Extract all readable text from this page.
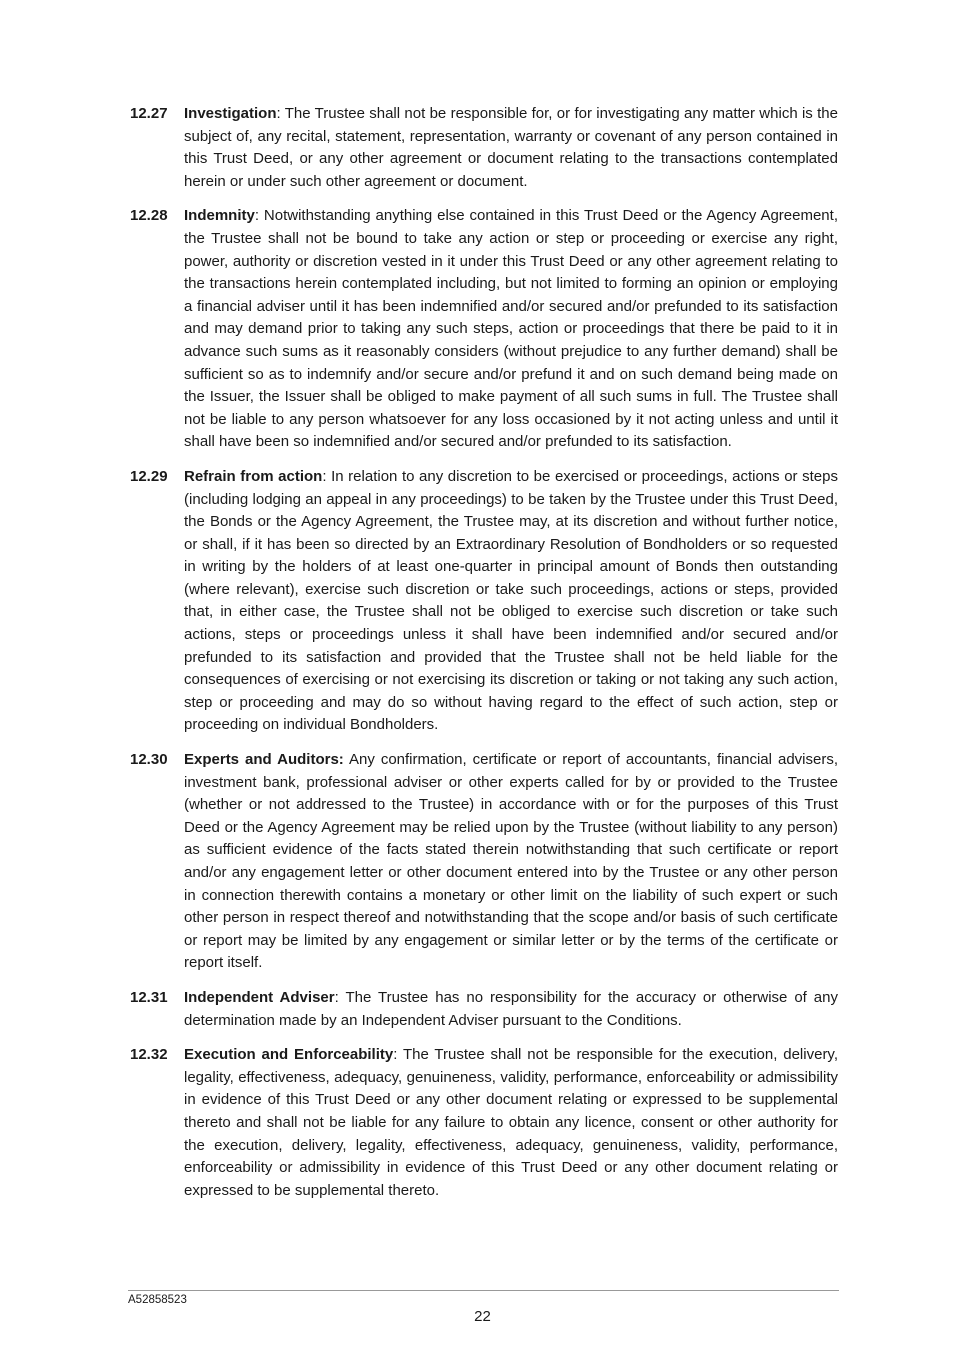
12.27	Investigation: The Trustee shall not be responsible for, or for investigating any matter which is the subject of, any recital, statement, representation, warranty or covenant of any person contained in this Trust Deed, or any other agreement or document relating to the transactions contemplated herein or under such other agreement or document.
12.28	Indemnity: Notwithstanding anything else contained in this Trust Deed or the Agency Agreement, the Trustee shall not be bound to take any action or step or proceeding or exercise any right, power, authority or discretion vested in it under this Trust Deed or any other agreement relating to the transactions herein contemplated including, but not limited to forming an opinion or employing a financial adviser until it has been indemnified and/or secured and/or prefunded to its satisfaction and may demand prior to taking any such steps, action or proceedings that there be paid to it in advance such sums as it reasonably considers (without prejudice to any further demand) shall be sufficient so as to indemnify and/or secure and/or prefund it and on such demand being made on the Issuer, the Issuer shall be obliged to make payment of all such sums in full. The Trustee shall not be liable to any person whatsoever for any loss occasioned by it not acting unless and until it shall have been so indemnified and/or secured and/or prefunded to its satisfaction.
12.29	Refrain from action: In relation to any discretion to be exercised or proceedings, actions or steps (including lodging an appeal in any proceedings) to be taken by the Trustee under this Trust Deed, the Bonds or the Agency Agreement, the Trustee may, at its discretion and without further notice, or shall, if it has been so directed by an Extraordinary Resolution of Bondholders or so requested in writing by the holders of at least one-quarter in principal amount of Bonds then outstanding (where relevant), exercise such discretion or take such proceedings, actions or steps, provided that, in either case, the Trustee shall not be obliged to exercise such discretion or take such actions, steps or proceedings unless it shall have been indemnified and/or secured and/or prefunded to its satisfaction and provided that the Trustee shall not be held liable for the consequences of exercising or not exercising its discretion or taking or not taking any such action, step or proceeding and may do so without having regard to the effect of such action, step or proceeding on individual Bondholders.
12.30	Experts and Auditors: Any confirmation, certificate or report of accountants, financial advisers, investment bank, professional adviser or other experts called for by or provided to the Trustee (whether or not addressed to the Trustee) in accordance with or for the purposes of this Trust Deed or the Agency Agreement may be relied upon by the Trustee (without liability to any person) as sufficient evidence of the facts stated therein notwithstanding that such certificate or report and/or any engagement letter or other document entered into by the Trustee or any other person in connection therewith contains a monetary or other limit on the liability of such expert or such other person in respect thereof and notwithstanding that the scope and/or basis of such certificate or report may be limited by any engagement or similar letter or by the terms of the certificate or report itself.
12.31	Independent Adviser: The Trustee has no responsibility for the accuracy or otherwise of any determination made by an Independent Adviser pursuant to the Conditions.
12.32	Execution and Enforceability: The Trustee shall not be responsible for the execution, delivery, legality, effectiveness, adequacy, genuineness, validity, performance, enforceability or admissibility in evidence of this Trust Deed or any other document relating or expressed to be supplemental thereto and shall not be liable for any failure to obtain any licence, consent or other authority for the execution, delivery, legality, effectiveness, adequacy, genuineness, validity, performance, enforceability or admissibility in evidence of this Trust Deed or any other document relating or expressed to be supplemental thereto.
A52858523
22
